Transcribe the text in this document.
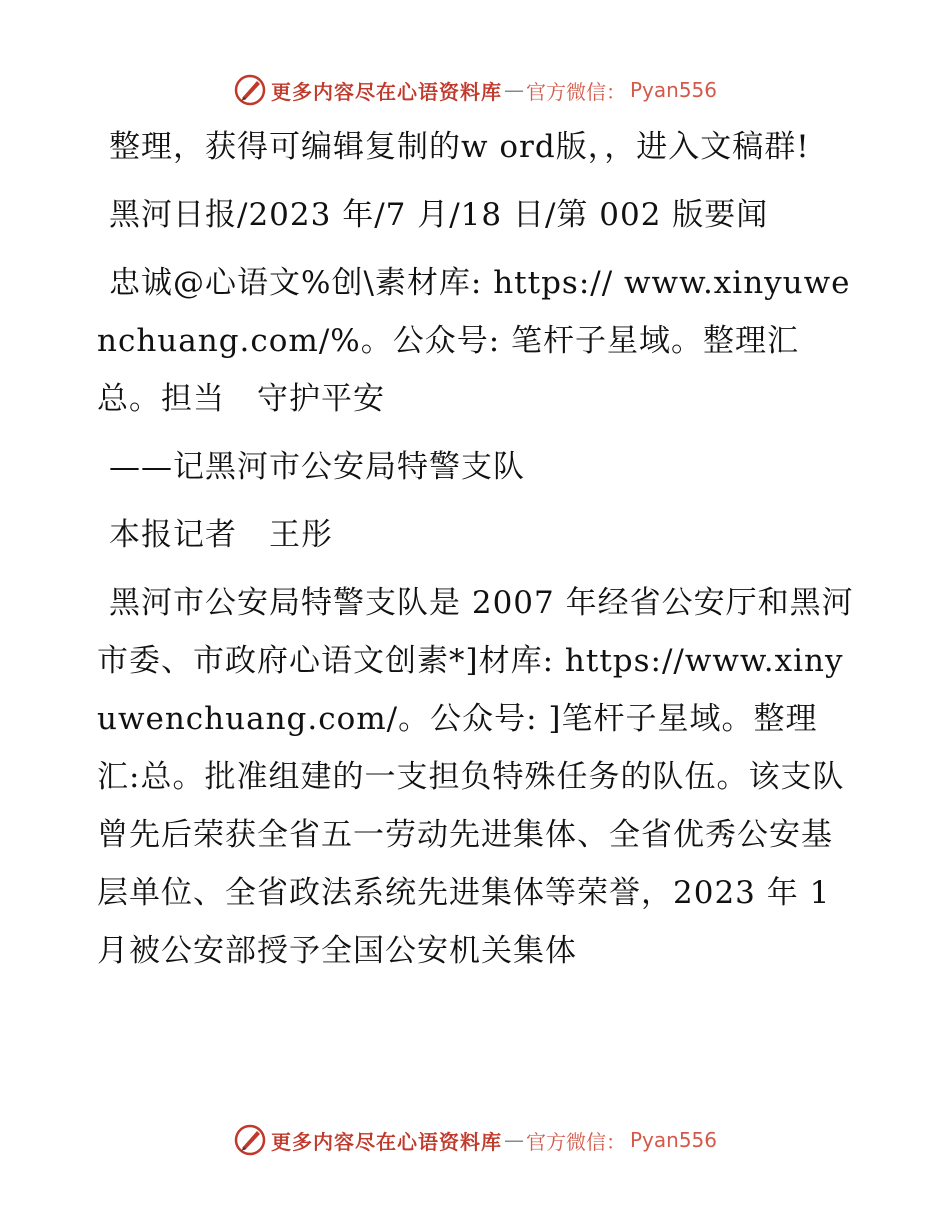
更多内容尽在心语资料库 — 官方微信： Pyan556

整理，获得可编辑复制的w ord版，，进入文稿群!

黑河日报/2023 年/7 月/18 日/第 002 版要闻

忠诚@心语文%创\素材库: https:// www.xinyuwenchuang.com/%。公众号: 笔杆子星域。整理汇总。担当　守护平安

——记黑河市公安局特警支队

本报记者　王彤

黑河市公安局特警支队是 2007 年经省公安厅和黑河市委、市政府心语文创素*]材库: https://www.xinyuwenchuang.com/。公众号: ]笔杆子星域。整理汇:总。批准组建的一支担负特殊任务的队伍。该支队曾先后荣获全省五一劳动先进集体、全省优秀公安基层单位、全省政法系统先进集体等荣誉，2023 年 1 月被公安部授予全国公安机关集体

更多内容尽在心语资料库 — 官方微信： Pyan556
